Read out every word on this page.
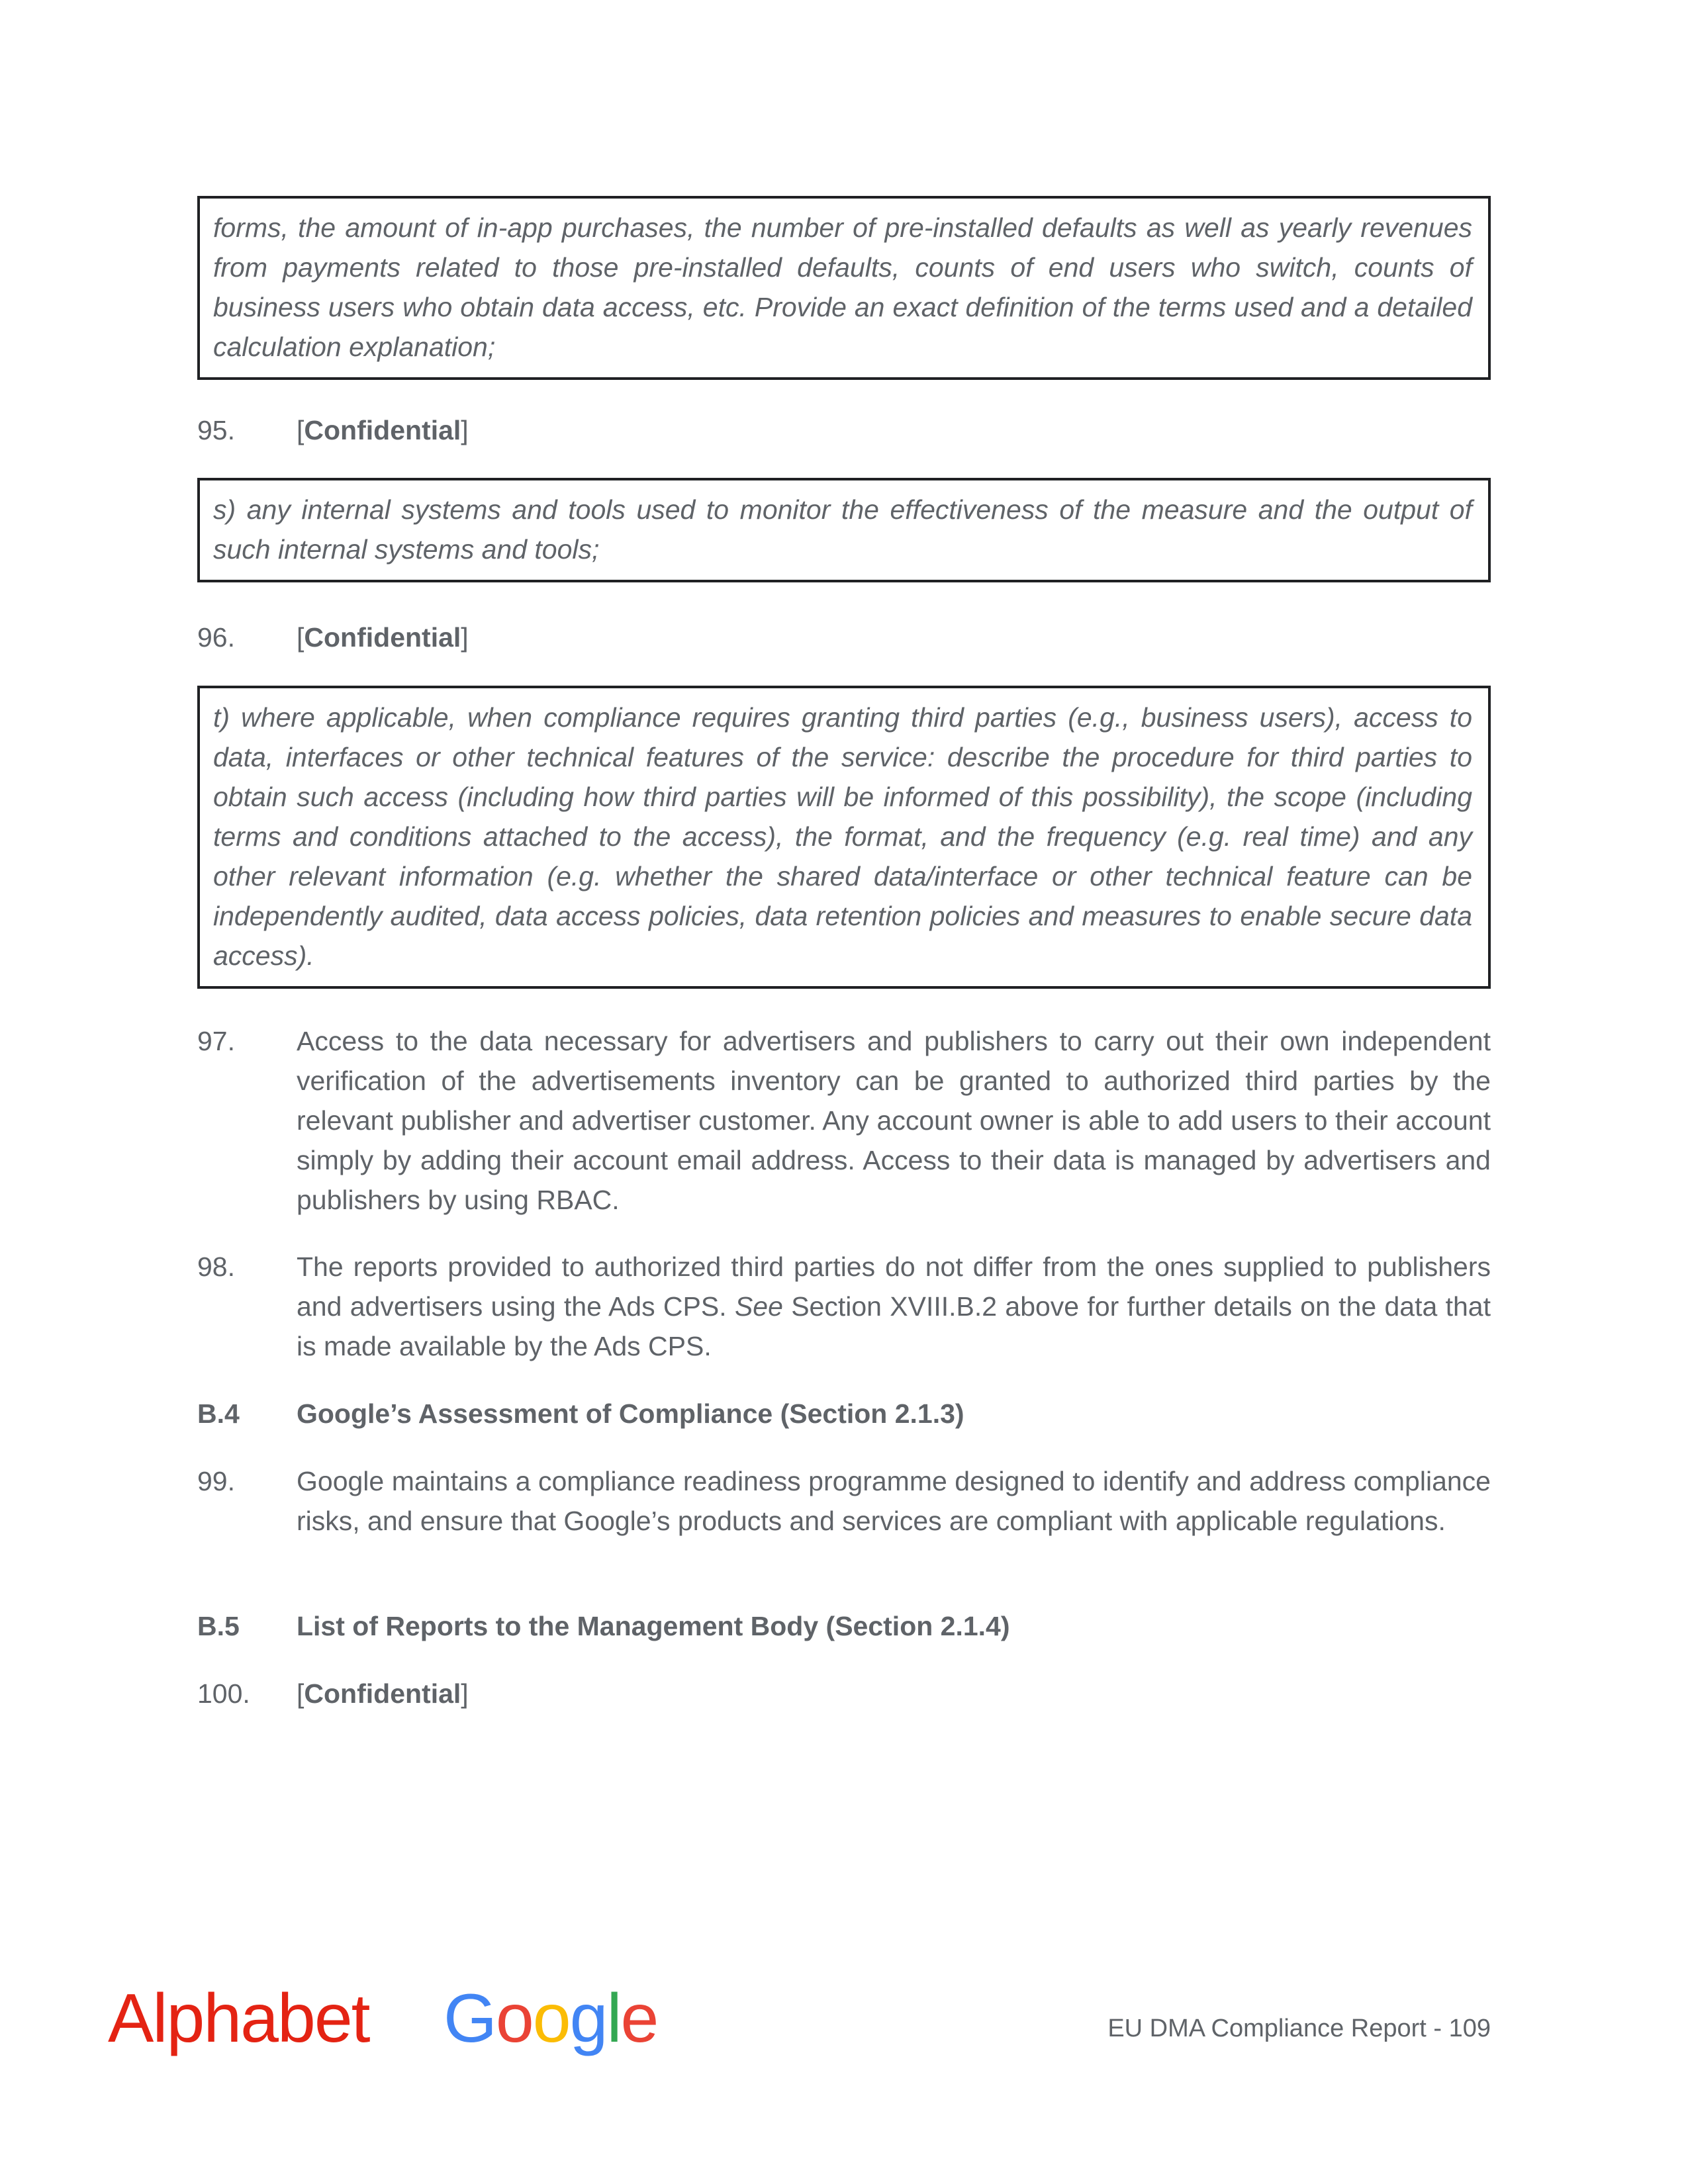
forms, the amount of in-app purchases, the number of pre-installed defaults as well as yearly revenues from payments related to those pre-installed defaults, counts of end users who switch, counts of business users who obtain data access, etc. Provide an exact definition of the terms used and a detailed calculation explanation;
95. [Confidential]
s) any internal systems and tools used to monitor the effectiveness of the measure and the output of such internal systems and tools;
96. [Confidential]
t) where applicable, when compliance requires granting third parties (e.g., business users), access to data, interfaces or other technical features of the service: describe the procedure for third parties to obtain such access (including how third parties will be informed of this possibility), the scope (including terms and conditions attached to the access), the format, and the frequency (e.g. real time) and any other relevant information (e.g. whether the shared data/interface or other technical feature can be independently audited, data access policies, data retention policies and measures to enable secure data access).
97. Access to the data necessary for advertisers and publishers to carry out their own independent verification of the advertisements inventory can be granted to authorized third parties by the relevant publisher and advertiser customer. Any account owner is able to add users to their account simply by adding their account email address. Access to their data is managed by advertisers and publishers by using RBAC.
98. The reports provided to authorized third parties do not differ from the ones supplied to publishers and advertisers using the Ads CPS. See Section XVIII.B.2 above for further details on the data that is made available by the Ads CPS.
B.4 Google’s Assessment of Compliance (Section 2.1.3)
99. Google maintains a compliance readiness programme designed to identify and address compliance risks, and ensure that Google’s products and services are compliant with applicable regulations.
B.5 List of Reports to the Management Body (Section 2.1.4)
100. [Confidential]
Alphabet Google	EU DMA Compliance Report - 109
